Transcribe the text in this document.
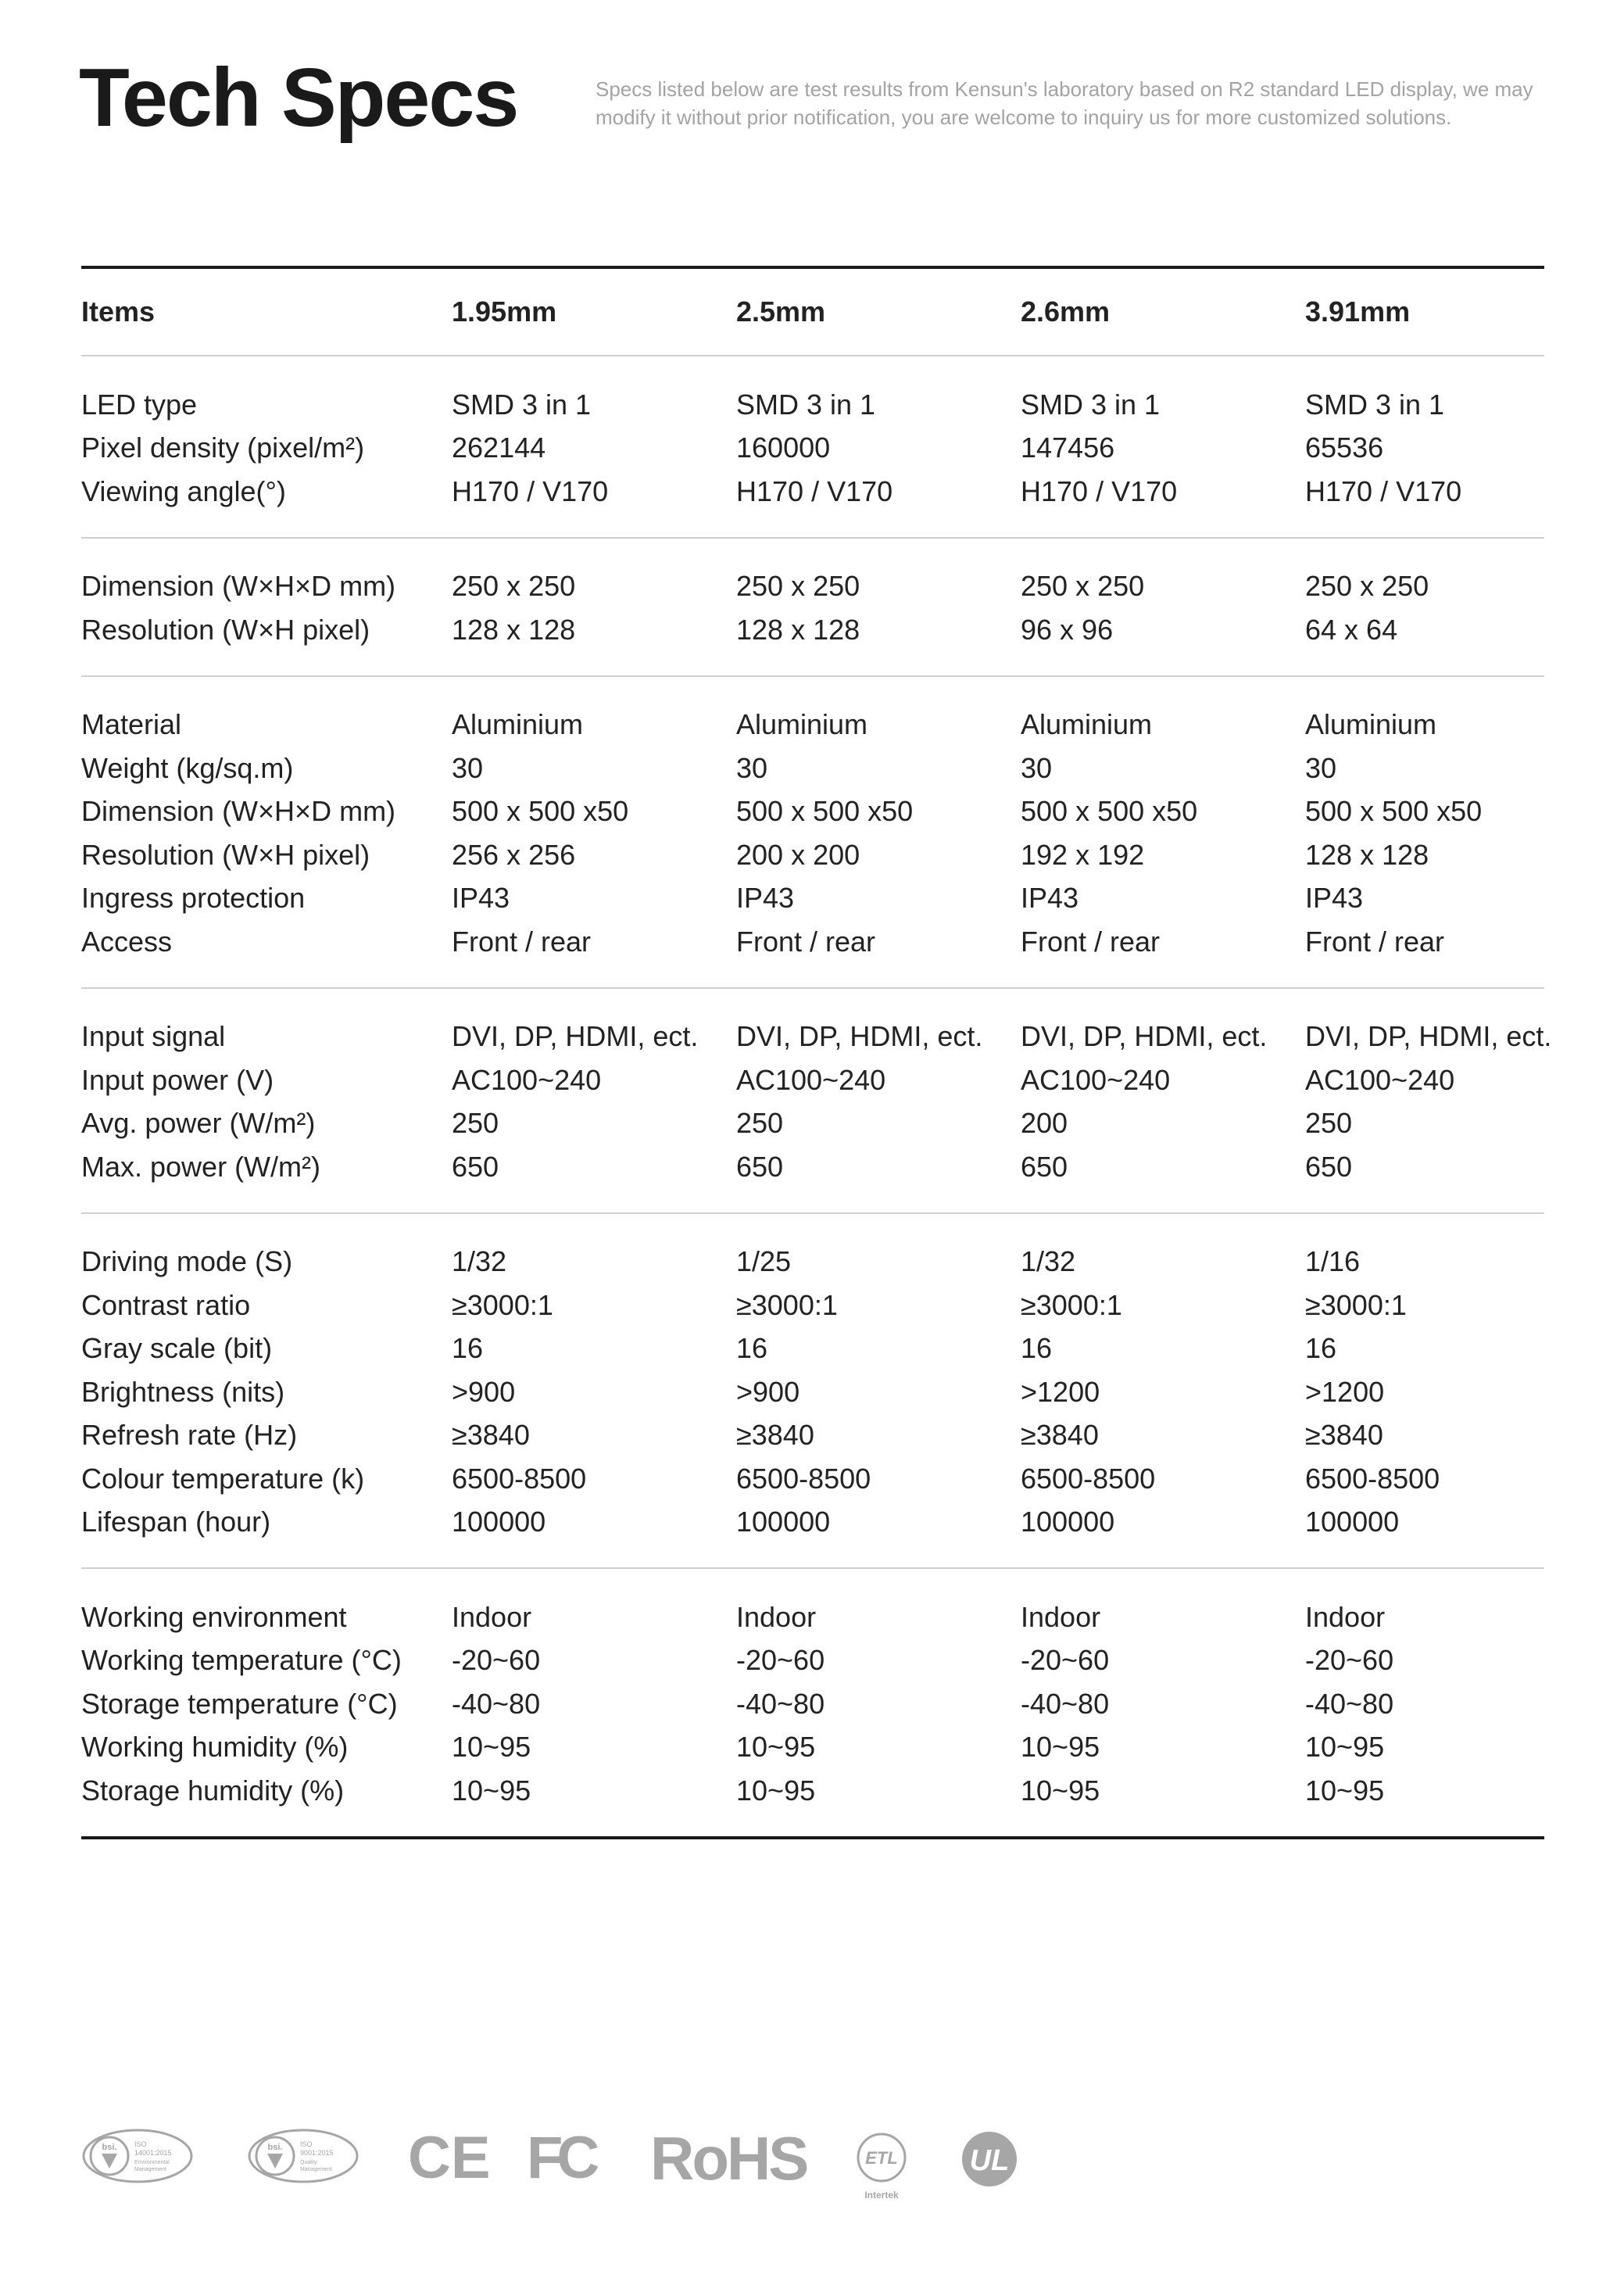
Tech Specs	Specs listed below are test results from Kensun's laboratory based on R2 standard LED display, we may modify it without prior notification, you are welcome to inquiry us for more customized solutions.

Items	1.95mm	2.5mm	2.6mm	3.91mm
LED type	SMD 3 in 1	SMD 3 in 1	SMD 3 in 1	SMD 3 in 1
Pixel density (pixel/m²)	262144	160000	147456	65536
Viewing angle(°)	H170 / V170	H170 / V170	H170 / V170	H170 / V170
Dimension (W×H×D mm)	250 x 250	250 x 250	250 x 250	250 x 250
Resolution (W×H pixel)	128 x 128	128 x 128	96 x 96	64 x 64
Material	Aluminium	Aluminium	Aluminium	Aluminium
Weight (kg/sq.m)	30	30	30	30
Dimension (W×H×D mm)	500 x 500 x50	500 x 500 x50	500 x 500 x50	500 x 500 x50
Resolution (W×H pixel)	256 x 256	200 x 200	192 x 192	128 x 128
Ingress protection	IP43	IP43	IP43	IP43
Access	Front / rear	Front / rear	Front / rear	Front / rear
Input signal	DVI, DP, HDMI, ect.	DVI, DP, HDMI, ect.	DVI, DP, HDMI, ect.	DVI, DP, HDMI, ect.
Input power (V)	AC100~240	AC100~240	AC100~240	AC100~240
Avg. power (W/m²)	250	250	200	250
Max. power (W/m²)	650	650	650	650
Driving mode (S)	1/32	1/25	1/32	1/16
Contrast ratio	≥3000:1	≥3000:1	≥3000:1	≥3000:1
Gray scale (bit)	16	16	16	16
Brightness (nits)	>900	>900	>1200	>1200
Refresh rate (Hz)	≥3840	≥3840	≥3840	≥3840
Colour temperature (k)	6500-8500	6500-8500	6500-8500	6500-8500
Lifespan (hour)	100000	100000	100000	100000
Working environment	Indoor	Indoor	Indoor	Indoor
Working temperature (°C)	-20~60	-20~60	-20~60	-20~60
Storage temperature (°C)	-40~80	-40~80	-40~80	-40~80
Working humidity (%)	10~95	10~95	10~95	10~95
Storage humidity (%)	10~95	10~95	10~95	10~95
bsi.	ISO
14001:2015
Environmental
Management
bsi.	ISO
9001:2015
Quality
Management CE FC RoHS	ETL
Intertek
UL
